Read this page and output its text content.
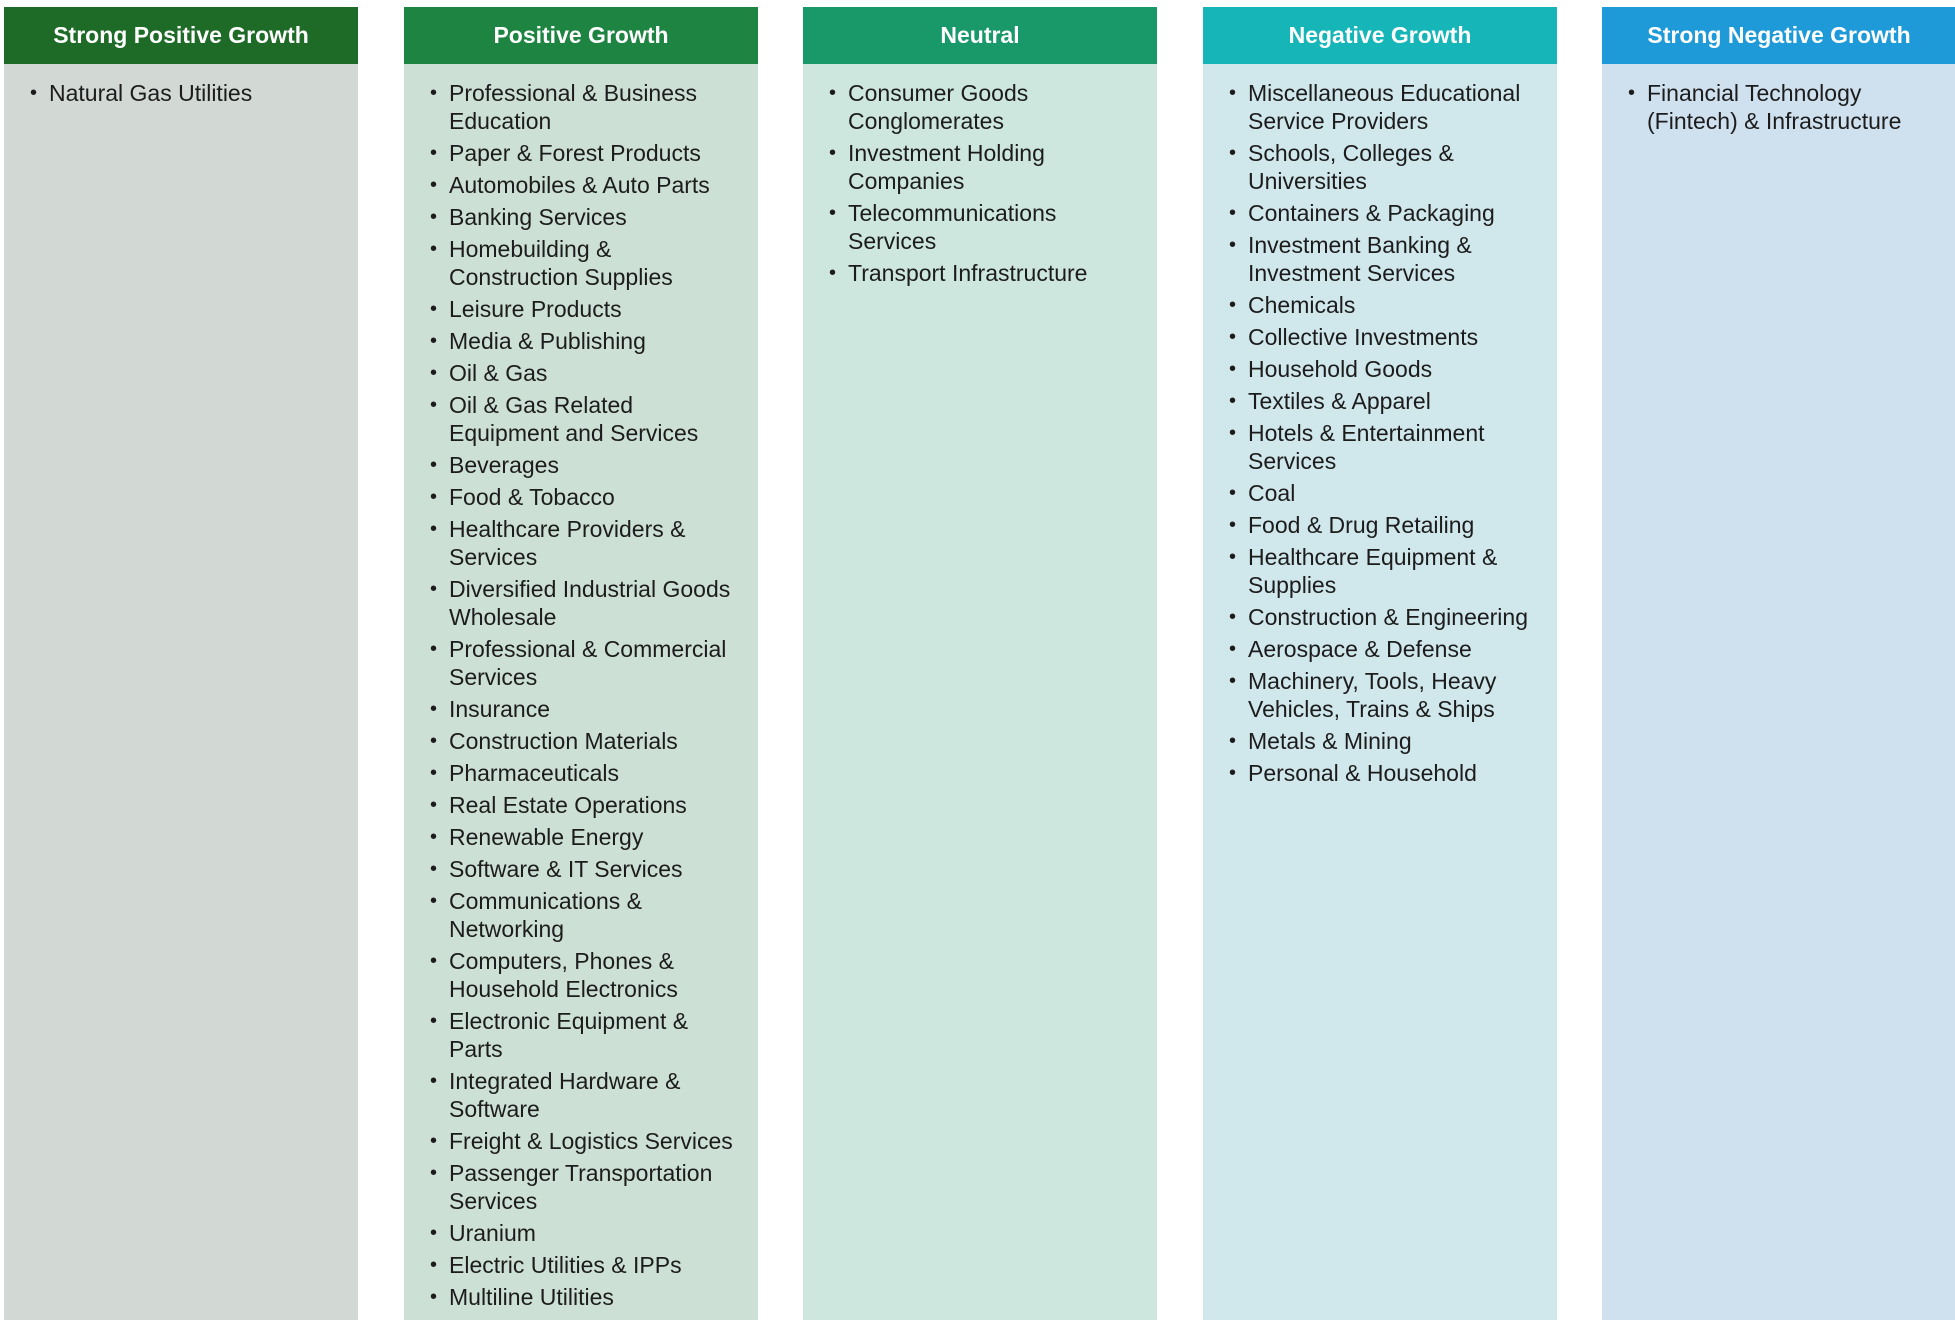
Strong Positive Growth
• Natural Gas Utilities
Positive Growth
• Professional & Business Education
• Paper & Forest Products
• Automobiles & Auto Parts
• Banking Services
• Homebuilding & Construction Supplies
• Leisure Products
• Media & Publishing
• Oil & Gas
• Oil & Gas Related Equipment and Services
• Beverages
• Food & Tobacco
• Healthcare Providers & Services
• Diversified Industrial Goods Wholesale
• Professional & Commercial Services
• Insurance
• Construction Materials
• Pharmaceuticals
• Real Estate Operations
• Renewable Energy
• Software & IT Services
• Communications & Networking
• Computers, Phones & Household Electronics
• Electronic Equipment & Parts
• Integrated Hardware & Software
• Freight & Logistics Services
• Passenger Transportation Services
• Uranium
• Electric Utilities & IPPs
• Multiline Utilities
Neutral
• Consumer Goods Conglomerates
• Investment Holding Companies
• Telecommunications Services
• Transport Infrastructure
Negative Growth
• Miscellaneous Educational Service Providers
• Schools, Colleges & Universities
• Containers & Packaging
• Investment Banking & Investment Services
• Chemicals
• Collective Investments
• Household Goods
• Textiles & Apparel
• Hotels & Entertainment Services
• Coal
• Food & Drug Retailing
• Healthcare Equipment & Supplies
• Construction & Engineering
• Aerospace & Defense
• Machinery, Tools, Heavy Vehicles, Trains & Ships
• Metals & Mining
• Personal & Household
Strong Negative Growth
• Financial Technology (Fintech) & Infrastructure
